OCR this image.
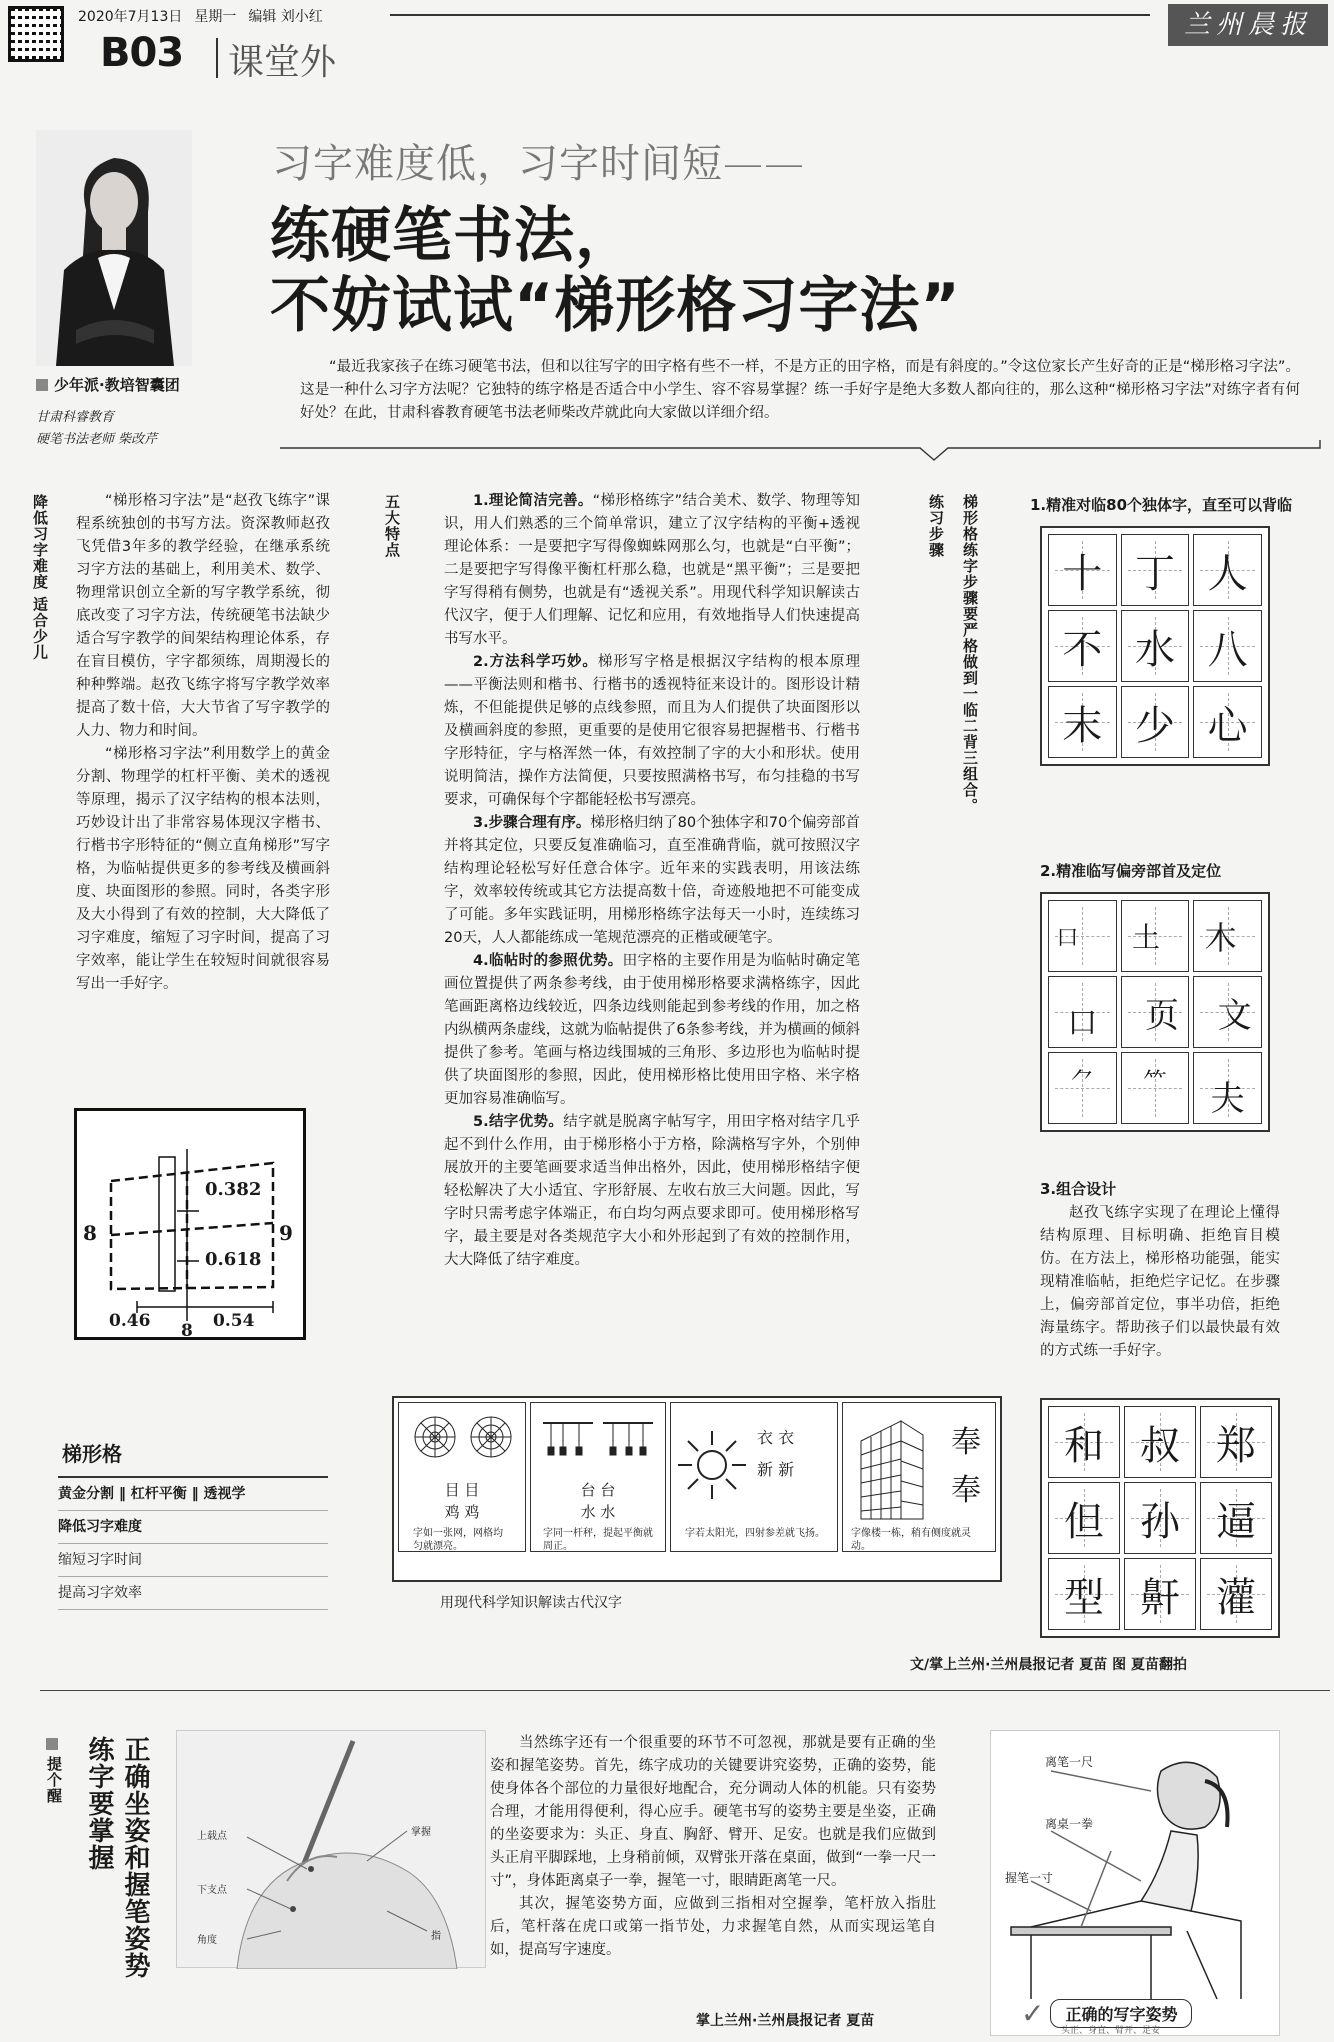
2020年7月13日 星期一 编辑 刘小红	兰州晨报
B03 课堂外
少年派·教培智囊团
甘肃科睿教育
硬笔书法老师 柴改芹
习字难度低，习字时间短——
练硬笔书法，
不妨试试“梯形格习字法”
“最近我家孩子在练习硬笔书法，但和以往写字的田字格有些不一样，不是方正的田字格，而是有斜度的。”令这位家长产生好奇的正是“梯形格习字法”。这是一种什么习字方法呢？它独特的练字格是否适合中小学生、容不容易掌握？练一手好字是绝大多数人都向往的，那么这种“梯形格习字法”对练字者有何好处？在此，甘肃科睿教育硬笔书法老师柴改芹就此向大家做以详细介绍。
降低习字难度 适合少儿	“梯形格习字法”是“赵孜飞练字”课程系统独创的书写方法。资深教师赵孜飞凭借3年多的教学经验，在继承系统习字方法的基础上，利用美术、数学、物理常识创立全新的写字教学系统，彻底改变了习字方法，传统硬笔书法缺少适合写字教学的间架结构理论体系，存在盲目模仿，字字都须练，周期漫长的种种弊端。赵孜飞练字将写字教学效率提高了数十倍，大大节省了写字教学的人力、物力和时间。

“梯形格习字法”利用数学上的黄金分割、物理学的杠杆平衡、美术的透视等原理，揭示了汉字结构的根本法则，巧妙设计出了非常容易体现汉字楷书、行楷书字形特征的“侧立直角梯形”写字格，为临帖提供更多的参考线及横画斜度、块面图形的参照。同时，各类字形及大小得到了有效的控制，大大降低了习字难度，缩短了习字时间，提高了习字效率，能让学生在较短时间就很容易写出一手好字。

0.382
0.618
0.46	0.54
8	9
8
梯形格
黄金分割 ‖ 杠杆平衡 ‖ 透视学
降低习字难度
缩短习字时间
提高习字效率
五大特点	1.理论简洁完善。“梯形格练字”结合美术、数学、物理等知识，用人们熟悉的三个简单常识，建立了汉字结构的平衡+透视理论体系：一是要把字写得像蜘蛛网那么匀，也就是“白平衡”；二是要把字写得像平衡杠杆那么稳，也就是“黑平衡”；三是要把字写得稍有侧势，也就是有“透视关系”。用现代科学知识解读古代汉字，便于人们理解、记忆和应用，有效地指导人们快速提高书写水平。

2.方法科学巧妙。梯形写字格是根据汉字结构的根本原理——平衡法则和楷书、行楷书的透视特征来设计的。图形设计精炼，不但能提供足够的点线参照，而且为人们提供了块面图形以及横画斜度的参照，更重要的是使用它很容易把握楷书、行楷书字形特征，字与格浑然一体，有效控制了字的大小和形状。使用说明简洁，操作方法简便，只要按照满格书写，布匀挂稳的书写要求，可确保每个字都能轻松书写漂亮。

3.步骤合理有序。梯形格归纳了80个独体字和70个偏旁部首并将其定位，只要反复准确临习，直至准确背临，就可按照汉字结构理论轻松写好任意合体字。近年来的实践表明，用该法练字，效率较传统或其它方法提高数十倍，奇迹般地把不可能变成了可能。多年实践证明，用梯形格练字法每天一小时，连续练习20天，人人都能练成一笔规范漂亮的正楷或硬笔字。

4.临帖时的参照优势。田字格的主要作用是为临帖时确定笔画位置提供了两条参考线，由于使用梯形格要求满格练字，因此笔画距离格边线较近，四条边线则能起到参考线的作用，加之格内纵横两条虚线，这就为临帖提供了6条参考线，并为横画的倾斜提供了参考。笔画与格边线围城的三角形、多边形也为临帖时提供了块面图形的参照，因此，使用梯形格比使用田字格、米字格更加容易准确临写。

5.结字优势。结字就是脱离字帖写字，用田字格对结字几乎起不到什么作用，由于梯形格小于方格，除满格写字外，个别伸展放开的主要笔画要求适当伸出格外，因此，使用梯形格结字便轻松解决了大小适宜、字形舒展、左收右放三大问题。因此，写字时只需考虑字体端正，布白均匀两点要求即可。使用梯形格写字，最主要是对各类规范字大小和外形起到了有效的控制作用，大大降低了结字难度。

练习步骤 梯形格练字步骤要严格做到一临二背三组合。	1.精准对临80个独体字，直至可以背临
十 丁 人
不 水 八
末 少 心
2.精准临写偏旁部首及定位
口 土 木
口 页 文
⺈ ⺮ 夫
3.组合设计
赵孜飞练字实现了在理论上懂得结构原理、目标明确、拒绝盲目模仿。在方法上，梯形格功能强，能实现精准临帖，拒绝烂字记忆。在步骤上，偏旁部首定位，事半功倍，拒绝海量练字。帮助孩子们以最快最有效的方式练一手好字。
和 叔 郑
但 孙 逼
型 鼾 灌
目 目
鸡 鸡
字如一张网，网格均匀就漂亮。
台 台
水 水
字同一杆秤，提起平衡就周正。
衣 衣
新 新
字若太阳光，四射参差就飞扬。
奉
奉
字像楼一栋，稍有侧度就灵动。
用现代科学知识解读古代汉字
文/掌上兰州·兰州晨报记者 夏苗 图 夏苗翻拍
提个醒 正确坐姿和握笔姿势
练字要掌握	上载点
下支点
角度
掌握
指

当然练字还有一个很重要的环节不可忽视，那就是要有正确的坐姿和握笔姿势。首先，练字成功的关键要讲究姿势，正确的姿势，能使身体各个部位的力量很好地配合，充分调动人体的机能。只有姿势合理，才能用得便利，得心应手。硬笔书写的姿势主要是坐姿，正确的坐姿要求为：头正、身直、胸舒、臂开、足安。也就是我们应做到头正肩平脚踩地，上身稍前倾，双臂张开落在桌面，做到“一拳一尺一寸”，身体距离桌子一拳，握笔一寸，眼睛距离笔一尺。

其次，握笔姿势方面，应做到三指相对空握拳，笔杆放入指肚后，笔杆落在虎口或第一指节处，力求握笔自然，从而实现运笔自如，提高写字速度。

掌上兰州·兰州晨报记者 夏苗
离笔一尺
离桌一拳
握笔一寸
✓	正确的写字姿势
头正、身直、臂开、足安
